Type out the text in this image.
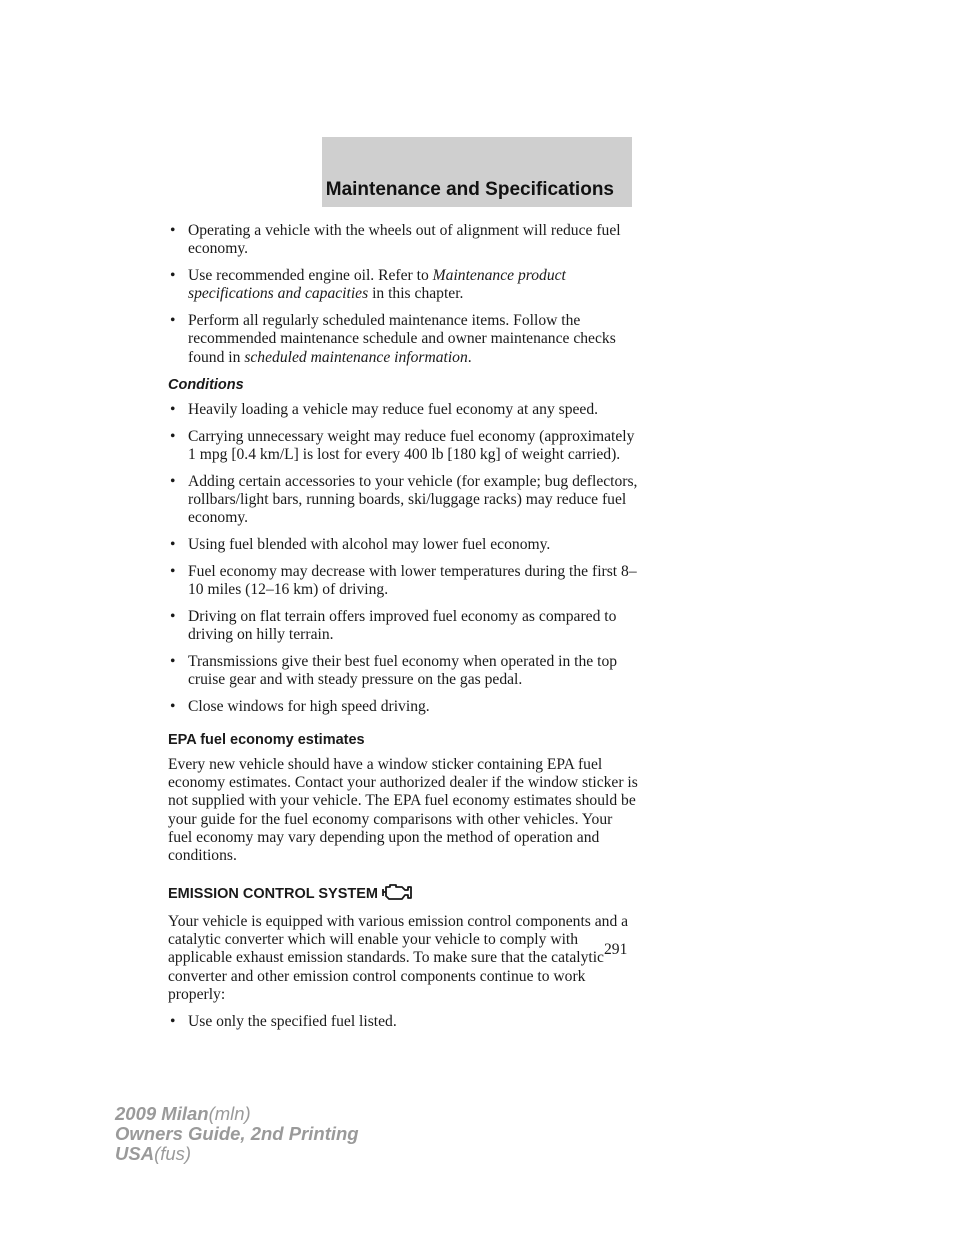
Maintenance and Specifications
• Operating a vehicle with the wheels out of alignment will reduce fuel economy.
• Use recommended engine oil. Refer to Maintenance product specifications and capacities in this chapter.
• Perform all regularly scheduled maintenance items. Follow the recommended maintenance schedule and owner maintenance checks found in scheduled maintenance information.
Conditions
• Heavily loading a vehicle may reduce fuel economy at any speed.
• Carrying unnecessary weight may reduce fuel economy (approximately 1 mpg [0.4 km/L] is lost for every 400 lb [180 kg] of weight carried).
• Adding certain accessories to your vehicle (for example; bug deflectors, rollbars/light bars, running boards, ski/luggage racks) may reduce fuel economy.
• Using fuel blended with alcohol may lower fuel economy.
• Fuel economy may decrease with lower temperatures during the first 8–10 miles (12–16 km) of driving.
• Driving on flat terrain offers improved fuel economy as compared to driving on hilly terrain.
• Transmissions give their best fuel economy when operated in the top cruise gear and with steady pressure on the gas pedal.
• Close windows for high speed driving.
EPA fuel economy estimates
Every new vehicle should have a window sticker containing EPA fuel economy estimates. Contact your authorized dealer if the window sticker is not supplied with your vehicle. The EPA fuel economy estimates should be your guide for the fuel economy comparisons with other vehicles. Your fuel economy may vary depending upon the method of operation and conditions.
EMISSION CONTROL SYSTEM
Your vehicle is equipped with various emission control components and a catalytic converter which will enable your vehicle to comply with applicable exhaust emission standards. To make sure that the catalytic converter and other emission control components continue to work properly:
• Use only the specified fuel listed.
291
2009 Milan(mln)
Owners Guide, 2nd Printing
USA(fus)
